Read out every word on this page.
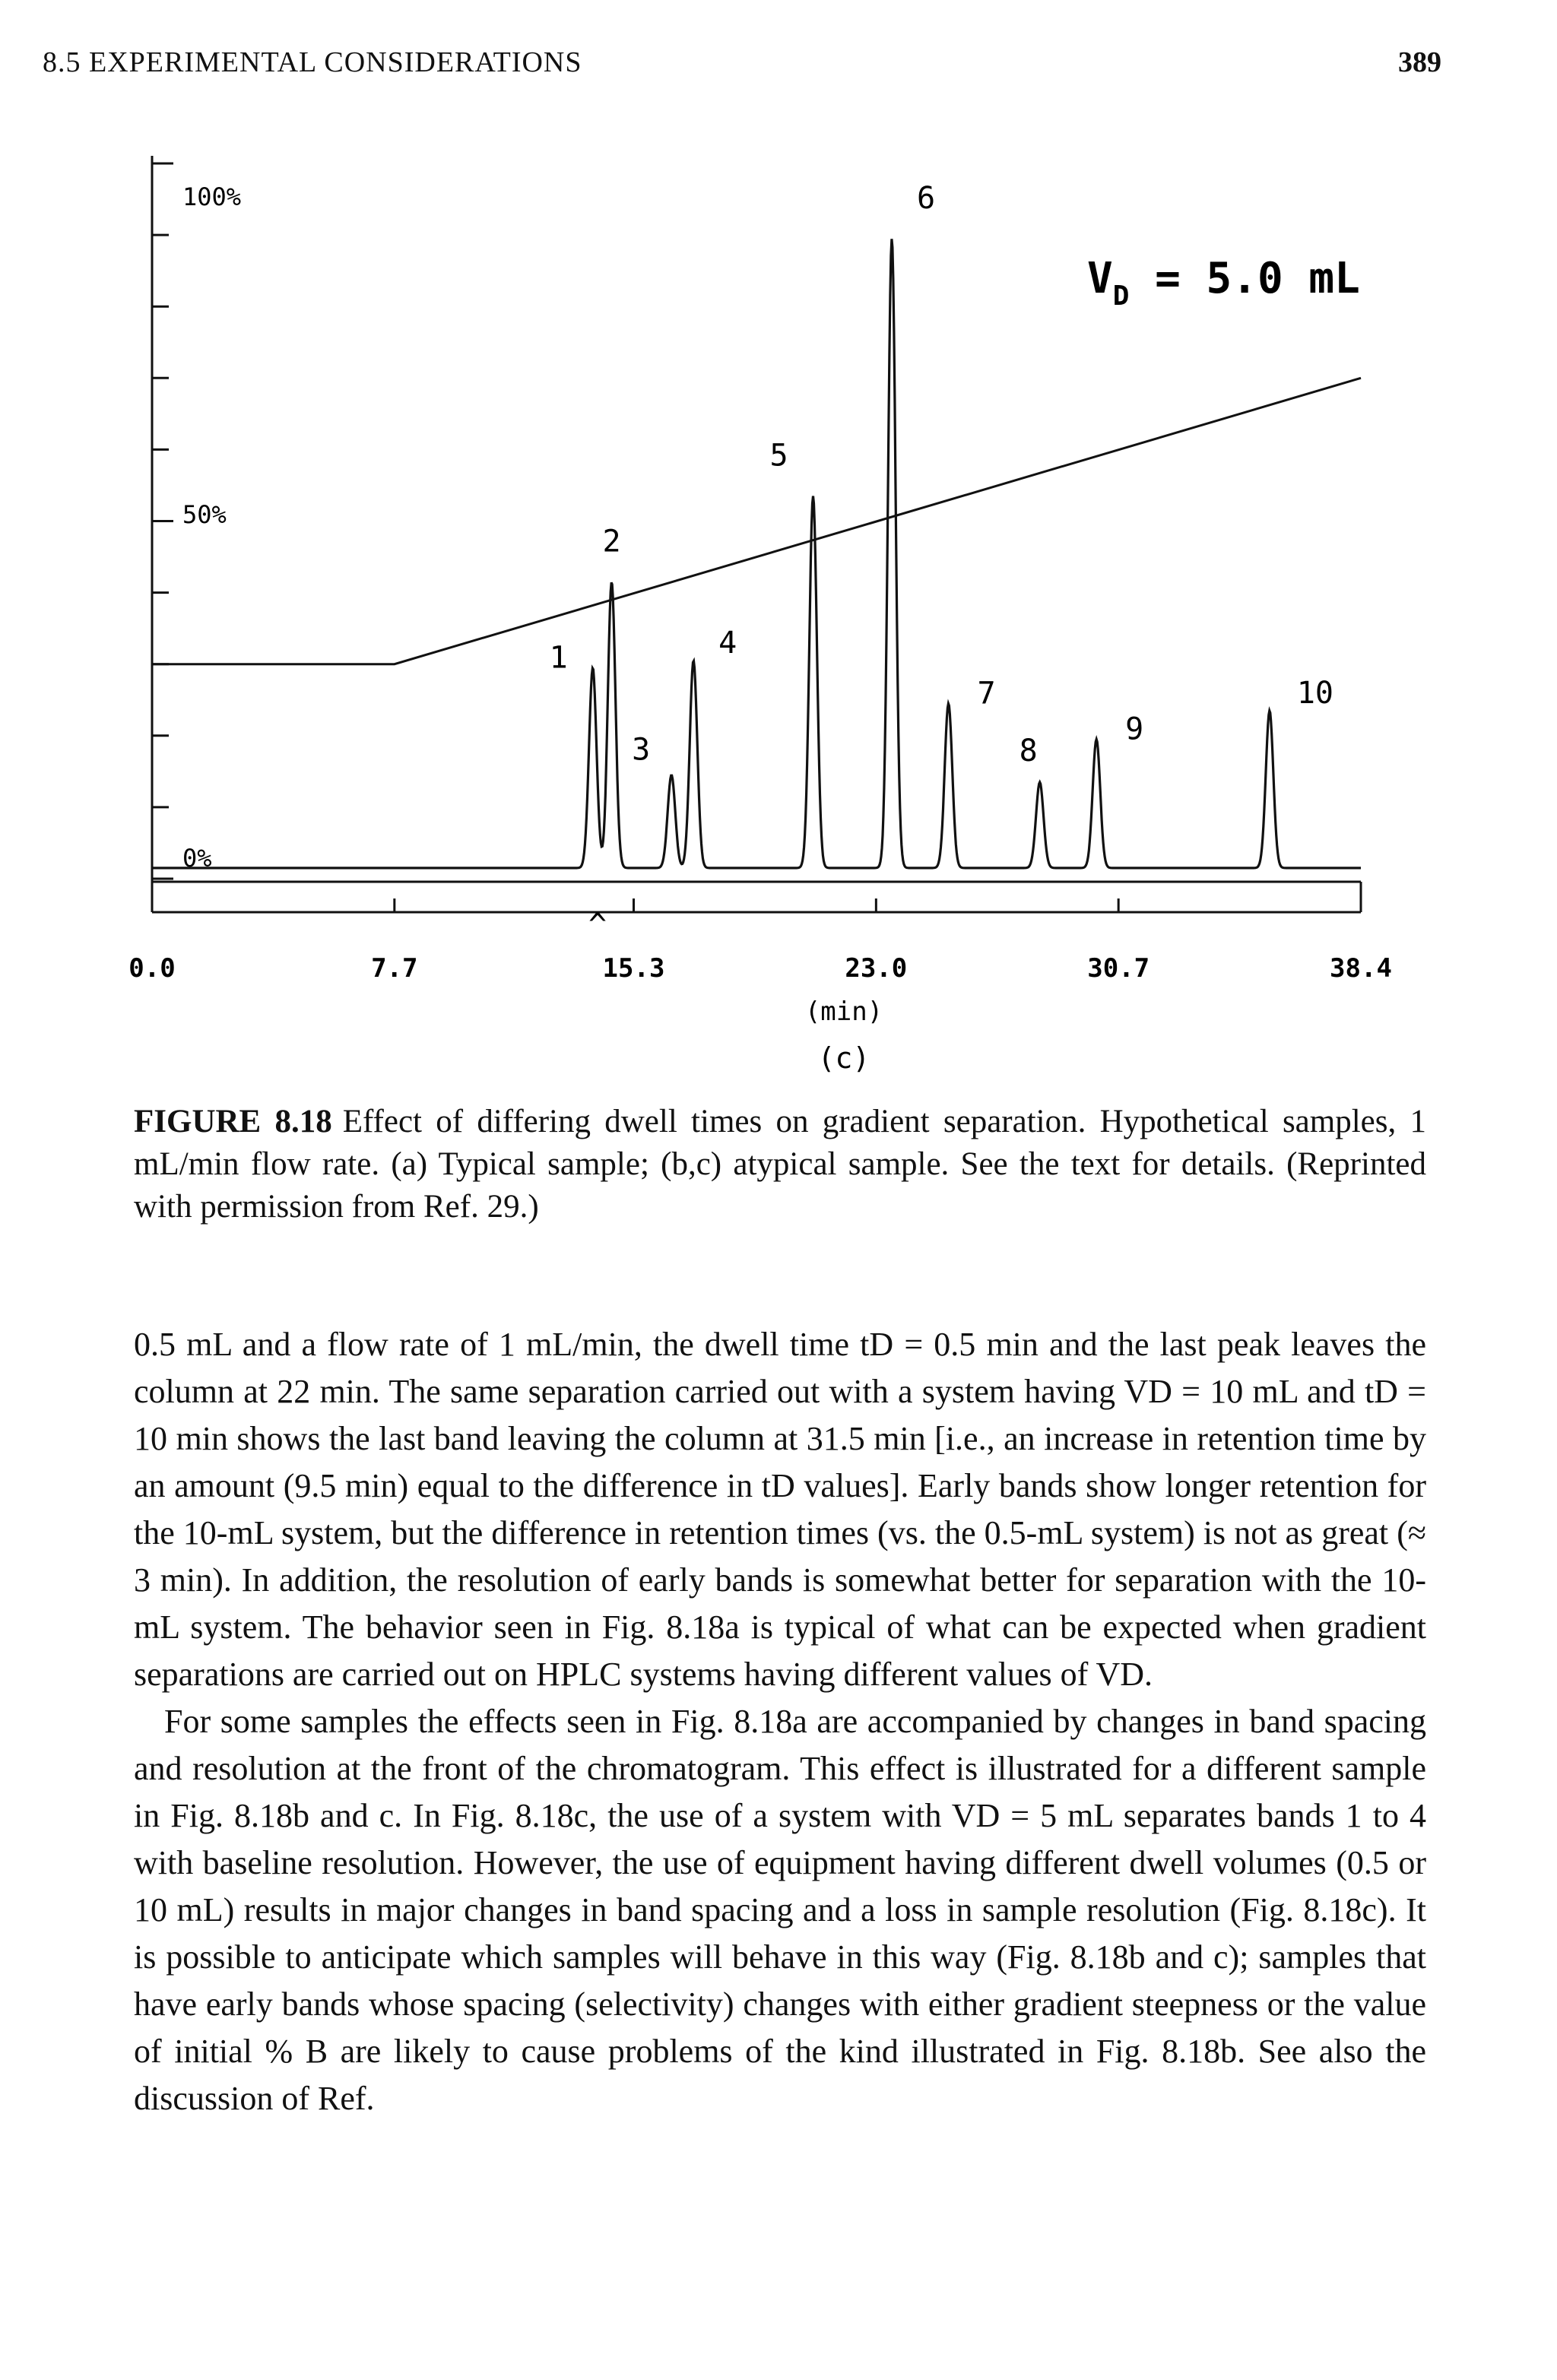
8.5 EXPERIMENTAL CONSIDERATIONS	389
100%
50%
0%
$V_D = 5.0$ mL
1
2
3
4
5
6
7
8
9
10
0.0	7.7	15.3	23.0	30.7	38.4
^
(min)
(c)
FIGURE 8.18 Effect of differing dwell times on gradient separation. Hypothetical samples, 1 mL/min flow rate. (a) Typical sample; (b,c) atypical sample. See the text for details. (Reprinted with permission from Ref. 29.)

0.5 mL and a flow rate of 1 mL/min, the dwell time tD = 0.5 min and the last peak leaves the column at 22 min. The same separation carried out with a system having VD = 10 mL and tD = 10 min shows the last band leaving the column at 31.5 min [i.e., an increase in retention time by an amount (9.5 min) equal to the difference in tD values]. Early bands show longer retention for the 10-mL system, but the difference in retention times (vs. the 0.5-mL system) is not as great (≈ 3 min). In addition, the resolution of early bands is somewhat better for separation with the 10-mL system. The behavior seen in Fig. 8.18a is typical of what can be expected when gradient separations are carried out on HPLC systems having different values of VD.

For some samples the effects seen in Fig. 8.18a are accompanied by changes in band spacing and resolution at the front of the chromatogram. This effect is illustrated for a different sample in Fig. 8.18b and c. In Fig. 8.18c, the use of a system with VD = 5 mL separates bands 1 to 4 with baseline resolution. However, the use of equipment having different dwell volumes (0.5 or 10 mL) results in major changes in band spacing and a loss in sample resolution (Fig. 8.18c). It is possible to anticipate which samples will behave in this way (Fig. 8.18b and c); samples that have early bands whose spacing (selectivity) changes with either gradient steepness or the value of initial % B are likely to cause problems of the kind illustrated in Fig. 8.18b. See also the discussion of Ref.
